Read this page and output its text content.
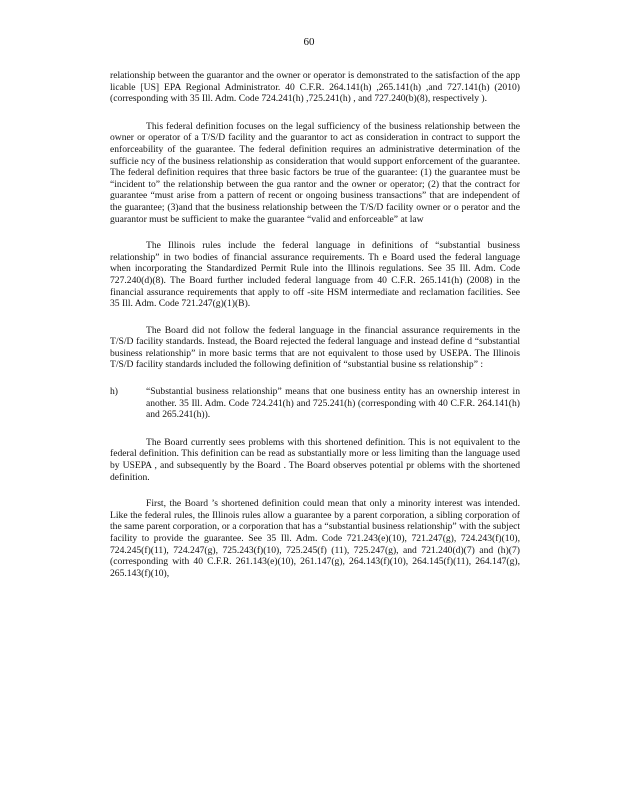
60

relationship between the guarantor and the owner or operator is demonstrated to the satisfaction of the app licable [US] EPA Regional Administrator. 40 C.F.R. 264.141(h) ,265.141(h) ,and 727.141(h) (2010) (corresponding with 35 Ill. Adm. Code 724.241(h) ,725.241(h) , and 727.240(b)(8), respectively ).

This federal definition focuses on the legal sufficiency of the business relationship between the owner or operator of a T/S/D facility and the guarantor to act as consideration in contract to support the enforceability of the guarantee. The federal definition requires an administrative determination of the sufficie ncy of the business relationship as consideration that would support enforcement of the guarantee. The federal definition requires that three basic factors be true of the guarantee: (1) the guarantee must be “incident to” the relationship between the gua rantor and the owner or operator; (2) that the contract for guarantee “must arise from a pattern of recent or ongoing business transactions” that are independent of the guarantee; (3)and that the business relationship between the T/S/D facility owner or o perator and the guarantor must be sufficient to make the guarantee “valid and enforceable” at law

The Illinois rules include the federal language in definitions of “substantial business relationship” in two bodies of financial assurance requirements. Th e Board used the federal language when incorporating the Standardized Permit Rule into the Illinois regulations. See 35 Ill. Adm. Code 727.240(d)(8). The Board further included federal language from 40 C.F.R. 265.141(h) (2008) in the financial assurance requirements that apply to off -site HSM intermediate and reclamation facilities. See 35 Ill. Adm. Code 721.247(g)(1)(B).

The Board did not follow the federal language in the financial assurance requirements in the T/S/D facility standards. Instead, the Board rejected the federal language and instead define d “substantial business relationship” in more basic terms that are not equivalent to those used by USEPA. The Illinois T/S/D facility standards included the following definition of “substantial busine ss relationship” :

h)	“Substantial business relationship” means that one business entity has an ownership interest in another. 35 Ill. Adm. Code 724.241(h) and 725.241(h) (corresponding with 40 C.F.R. 264.141(h) and 265.241(h)).

The Board currently sees problems with this shortened definition. This is not equivalent to the federal definition. This definition can be read as substantially more or less limiting than the language used by USEPA , and subsequently by the Board . The Board observes potential pr oblems with the shortened definition.

First, the Board ’s shortened definition could mean that only a minority interest was intended. Like the federal rules, the Illinois rules allow a guarantee by a parent corporation, a sibling corporation of the same parent corporation, or a corporation that has a “substantial business relationship” with the subject facility to provide the guarantee. See 35 Ill. Adm. Code 721.243(e)(10), 721.247(g), 724.243(f)(10), 724.245(f)(11), 724.247(g), 725.243(f)(10), 725.245(f) (11), 725.247(g), and 721.240(d)(7) and (h)(7) (corresponding with 40 C.F.R. 261.143(e)(10), 261.147(g), 264.143(f)(10), 264.145(f)(11), 264.147(g), 265.143(f)(10),
